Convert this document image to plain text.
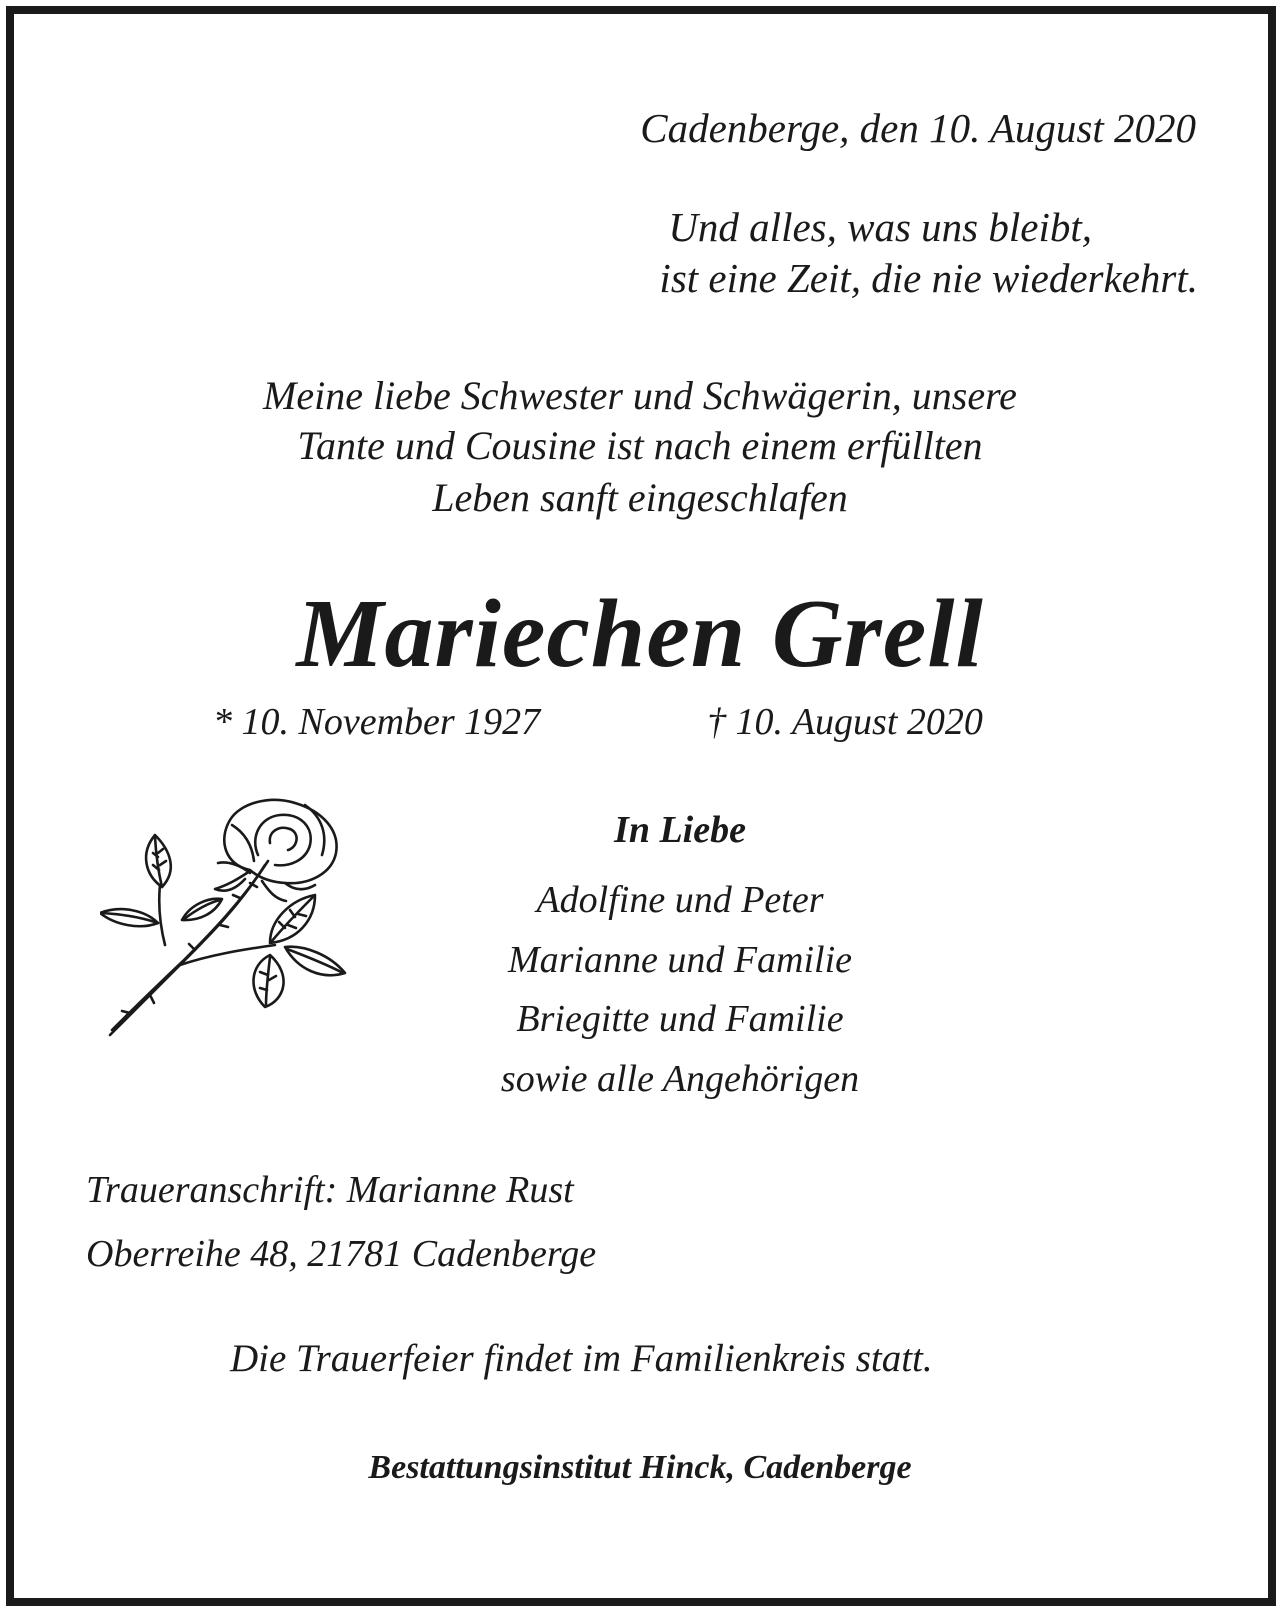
Cadenberge, den 10. August 2020
Und alles, was uns bleibt,
ist eine Zeit, die nie wiederkehrt.
Meine liebe Schwester und Schwägerin, unsere
Tante und Cousine ist nach einem erfüllten
Leben sanft eingeschlafen
Mariechen Grell
* 10. November 1927	† 10. August 2020
In Liebe
Adolfine und Peter
Marianne und Familie
Briegitte und Familie
sowie alle Angehörigen
Traueranschrift: Marianne Rust
Oberreihe 48, 21781 Cadenberge
Die Trauerfeier findet im Familienkreis statt.
Bestattungsinstitut Hinck, Cadenberge
